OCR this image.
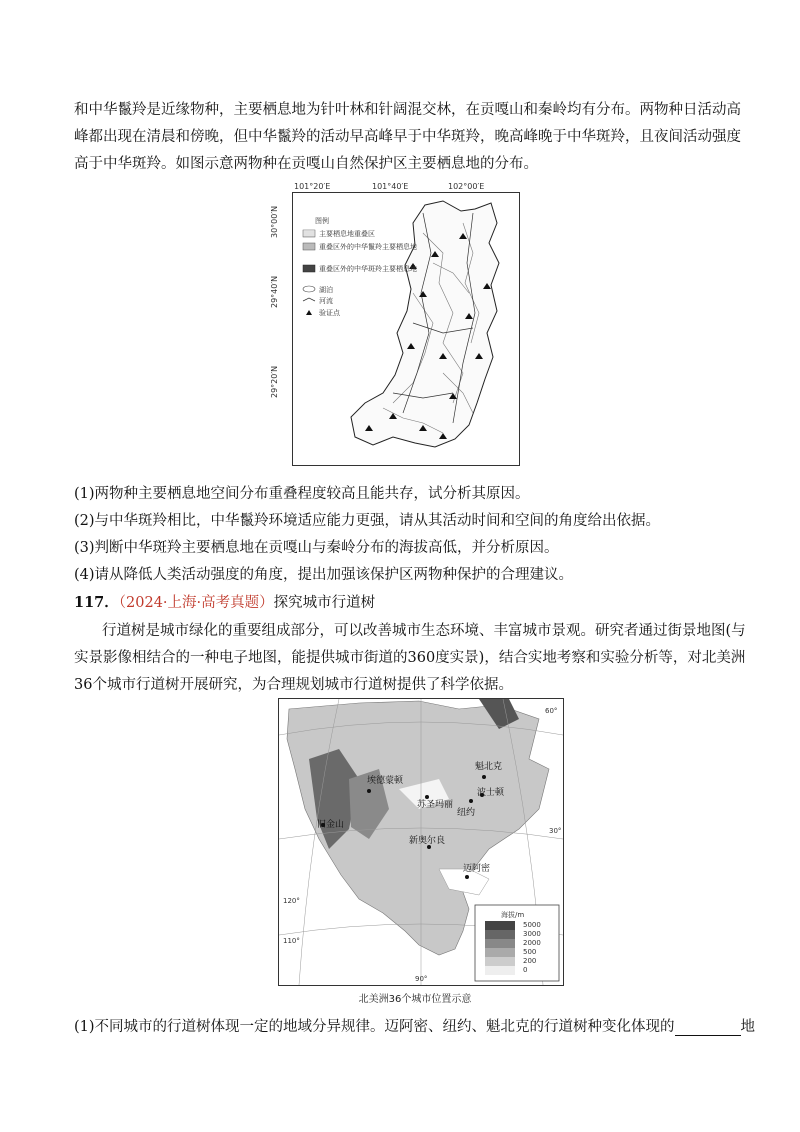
和中华鬣羚是近缘物种，主要栖息地为针叶林和针阔混交林，在贡嘎山和秦岭均有分布。两物种日活动高
峰都出现在清晨和傍晚，但中华鬣羚的活动早高峰早于中华斑羚，晚高峰晚于中华斑羚，且夜间活动强度
高于中华斑羚。如图示意两物种在贡嘎山自然保护区主要栖息地的分布。
101°20′E	101°40′E	102°00′E
30°00′N
29°40′N
29°20′N
图例
主要栖息地重叠区
重叠区外的中华鬣羚主要栖息地
重叠区外的中华斑羚主要栖息地
湖泊
河流
验证点
(1)两物种主要栖息地空间分布重叠程度较高且能共存，试分析其原因。
(2)与中华斑羚相比，中华鬣羚环境适应能力更强，请从其活动时间和空间的角度给出依据。
(3)判断中华斑羚主要栖息地在贡嘎山与秦岭分布的海拔高低，并分析原因。
(4)请从降低人类活动强度的角度，提出加强该保护区两物种保护的合理建议。
117．（2024·上海·高考真题）探究城市行道树
行道树是城市绿化的重要组成部分，可以改善城市生态环境、丰富城市景观。研究者通过街景地图(与
实景影像相结合的一种电子地图，能提供城市街道的360度实景)，结合实地考察和实验分析等，对北美洲
36个城市行道树开展研究，为合理规划城市行道树提供了科学依据。
埃德蒙顿
苏圣玛丽
魁北克
波士顿
纽约
新奥尔良
迈阿密
旧金山
60°
30°
120°
110°
90°
海拔/m
5000
3000
2000
500
200
0
北美洲36个城市位置示意
(1)不同城市的行道树体现一定的地域分异规律。迈阿密、纽约、魁北克的行道树种变化体现的	地
